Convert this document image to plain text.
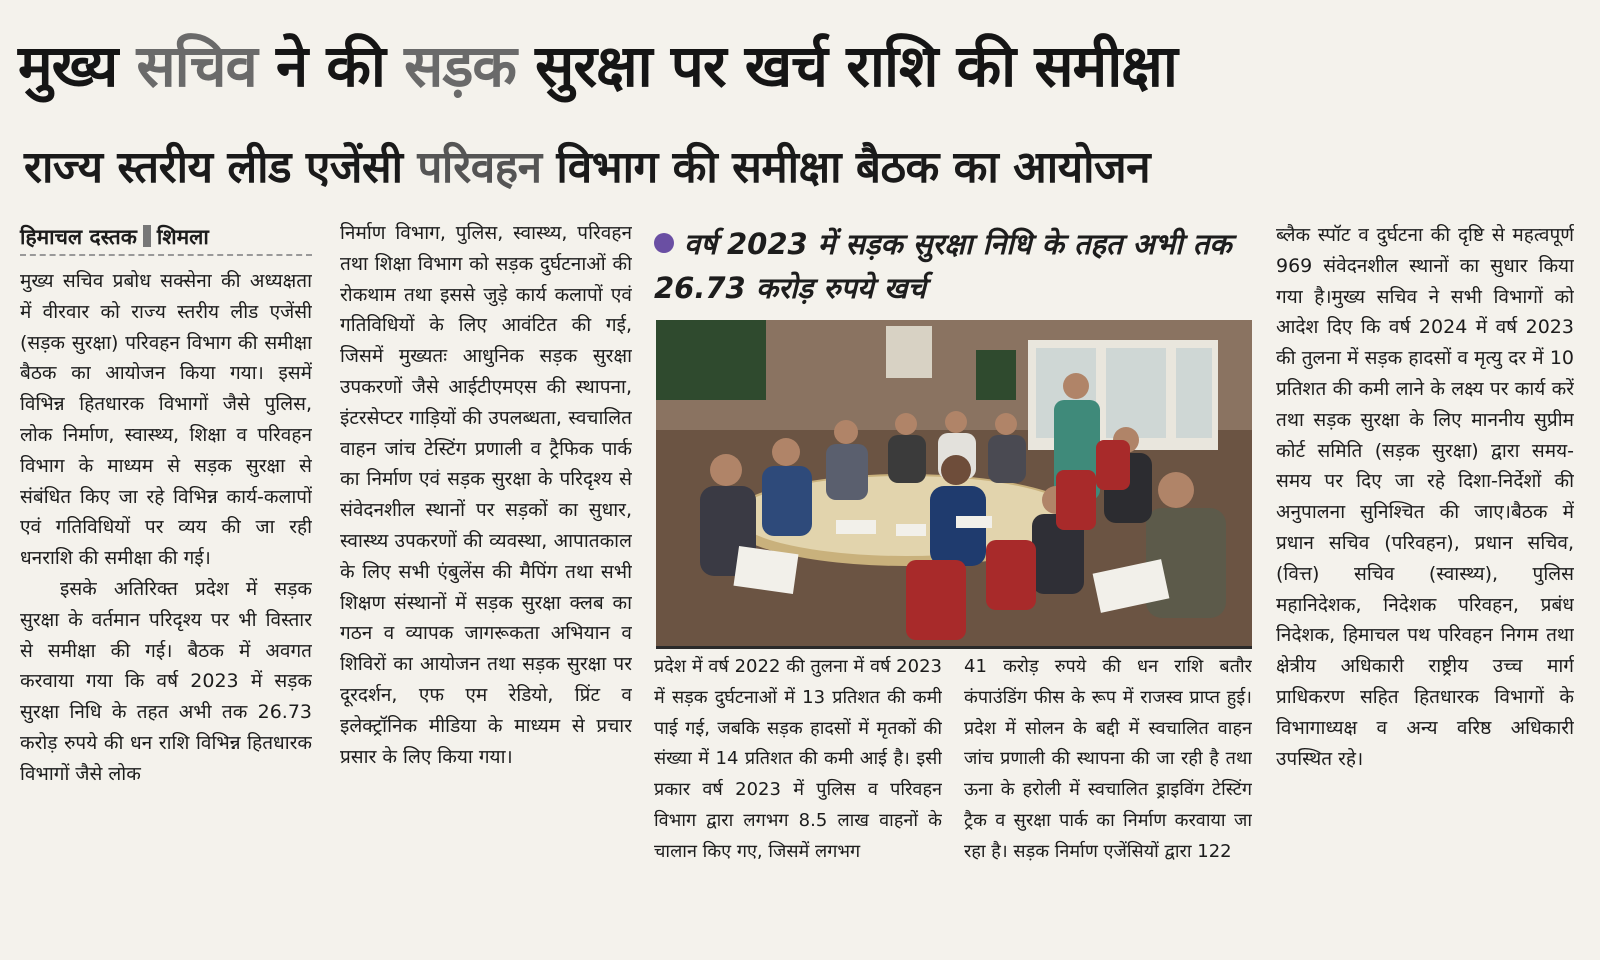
मुख्य सचिव ने की सड़क सुरक्षा पर खर्च राशि की समीक्षा
राज्य स्तरीय लीड एजेंसी परिवहन विभाग की समीक्षा बैठक का आयोजन
हिमाचल दस्तक शिमला

मुख्य सचिव प्रबोध सक्सेना की अध्यक्षता में वीरवार को राज्य स्तरीय लीड एजेंसी (सड़क सुरक्षा) परिवहन विभाग की समीक्षा बैठक का आयोजन किया गया। इसमें विभिन्न हितधारक विभागों जैसे पुलिस, लोक निर्माण, स्वास्थ्य, शिक्षा व परिवहन विभाग के माध्यम से सड़क सुरक्षा से संबंधित किए जा रहे विभिन्न कार्य-कलापों एवं गतिविधियों पर व्यय की जा रही धनराशि की समीक्षा की गई।

इसके अतिरिक्त प्रदेश में सड़क सुरक्षा के वर्तमान परिदृश्य पर भी विस्तार से समीक्षा की गई। बैठक में अवगत करवाया गया कि वर्ष 2023 में सड़क सुरक्षा निधि के तहत अभी तक 26.73 करोड़ रुपये की धन राशि विभिन्न हितधारक विभागों जैसे लोक

निर्माण विभाग, पुलिस, स्वास्थ्य, परिवहन तथा शिक्षा विभाग को सड़क दुर्घटनाओं की रोकथाम तथा इससे जुड़े कार्य कलापों एवं गतिविधियों के लिए आवंटित की गई, जिसमें मुख्यतः आधुनिक सड़क सुरक्षा उपकरणों जैसे आईटीएमएस की स्थापना, इंटरसेप्टर गाड़ियों की उपलब्धता, स्वचालित वाहन जांच टेस्टिंग प्रणाली व ट्रैफिक पार्क का निर्माण एवं सड़क सुरक्षा के परिदृश्य से संवेदनशील स्थानों पर सड़कों का सुधार, स्वास्थ्य उपकरणों की व्यवस्था, आपातकाल के लिए सभी एंबुलेंस की मैपिंग तथा सभी शिक्षण संस्थानों में सड़क सुरक्षा क्लब का गठन व व्यापक जागरूकता अभियान व शिविरों का आयोजन तथा सड़क सुरक्षा पर दूरदर्शन, एफ एम रेडियो, प्रिंट व इलेक्ट्रॉनिक मीडिया के माध्यम से प्रचार प्रसार के लिए किया गया।

वर्ष 2023 में सड़क सुरक्षा निधि के तहत अभी तक 26.73 करोड़ रुपये खर्च

प्रदेश में वर्ष 2022 की तुलना में वर्ष 2023 में सड़क दुर्घटनाओं में 13 प्रतिशत की कमी पाई गई, जबकि सड़क हादसों में मृतकों की संख्या में 14 प्रतिशत की कमी आई है। इसी प्रकार वर्ष 2023 में पुलिस व परिवहन विभाग द्वारा लगभग 8.5 लाख वाहनों के चालान किए गए, जिसमें लगभग

41 करोड़ रुपये की धन राशि बतौर कंपाउंडिंग फीस के रूप में राजस्व प्राप्त हुई। प्रदेश में सोलन के बद्दी में स्वचालित वाहन जांच प्रणाली की स्थापना की जा रही है तथा ऊना के हरोली में स्वचालित ड्राइविंग टेस्टिंग ट्रैक व सुरक्षा पार्क का निर्माण करवाया जा रहा है। सड़क निर्माण एजेंसियों द्वारा 122

ब्लैक स्पॉट व दुर्घटना की दृष्टि से महत्वपूर्ण 969 संवेदनशील स्थानों का सुधार किया गया है।मुख्य सचिव ने सभी विभागों को आदेश दिए कि वर्ष 2024 में वर्ष 2023 की तुलना में सड़क हादसों व मृत्यु दर में 10 प्रतिशत की कमी लाने के लक्ष्य पर कार्य करें तथा सड़क सुरक्षा के लिए माननीय सुप्रीम कोर्ट समिति (सड़क सुरक्षा) द्वारा समय-समय पर दिए जा रहे दिशा-निर्देशों की अनुपालना सुनिश्चित की जाए।बैठक में प्रधान सचिव (परिवहन), प्रधान सचिव, (वित्त) सचिव (स्वास्थ्य), पुलिस महानिदेशक, निदेशक परिवहन, प्रबंध निदेशक, हिमाचल पथ परिवहन निगम तथा क्षेत्रीय अधिकारी राष्ट्रीय उच्च मार्ग प्राधिकरण सहित हितधारक विभागों के विभागाध्यक्ष व अन्य वरिष्ठ अधिकारी उपस्थित रहे।
